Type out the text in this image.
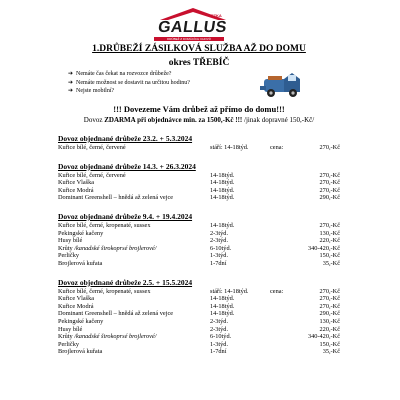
CEZKA
GALLUS
DRŮBEŽ Z DOMÁCÍCH CHOVŮ
1.DRŮBEŽÍ ZÁSILKOVÁ SLUŽBA AŽ DO DOMU
okres TŘEBÍČ
➔ Nemáte čas čekat na rozvozce drůbeže?
➔ Nemáte možnost se dostavit na určitou hodinu?
➔ Nejste mobilní?
!!! Dovezeme Vám drůbež až přímo do domu!!!
Dovoz ZDARMA při objednávce min. za 1500,-Kč !!! /jinak dopravné 150,-Kč/
Dovoz objednané drůbeže 23.2. + 5.3.2024
Kuřice bílé, černé, červené	stáří: 14-18týd.	cena:	270,-Kč
Dovoz objednané drůbeže 14.3. + 26.3.2024
Kuřice bílé, černé, červené	14-18týd.	270,-Kč
Kuřice Vlaška	14-18týd.	270,-Kč
Kuřice Modrá	14-18týd.	270,-Kč
Dominant Greenshell – hnědá až zelená vejce	14-18týd.	290,-Kč
Dovoz objednané drůbeže 9.4. + 19.4.2024
Kuřice bílé, černé, kropenaté, sussex	14-18týd.	270,-Kč
Pekingské kačeny	2-3týd.	130,-Kč
Husy bílé	2-3týd.	220,-Kč
Krůty /kanadské širokoprsé brojlerové/	6-10týd.	340-420,-Kč
Perličky	1-3týd.	150,-Kč
Brojlerová kuřata	1-7dní	35,-Kč
Dovoz objednané drůbeže 2.5. + 15.5.2024
Kuřice bílé, černé, kropenaté, sussex	stáří: 14-18týd.	cena:	270,-Kč
Kuřice Vlaška	14-18týd.	270,-Kč
Kuřice Modrá	14-18týd.	270,-Kč
Dominant Greenshell – hnědá až zelená vejce	14-18týd.	290,-Kč
Pekingské kačeny	2-3týd.	130,-Kč
Husy bílé	2-3týd.	220,-Kč
Krůty /kanadské širokoprsé brojlerové/	6-10týd.	340-420,-Kč
Perličky	1-3týd.	150,-Kč
Brojlerová kuřata	1-7dní	35,-Kč
